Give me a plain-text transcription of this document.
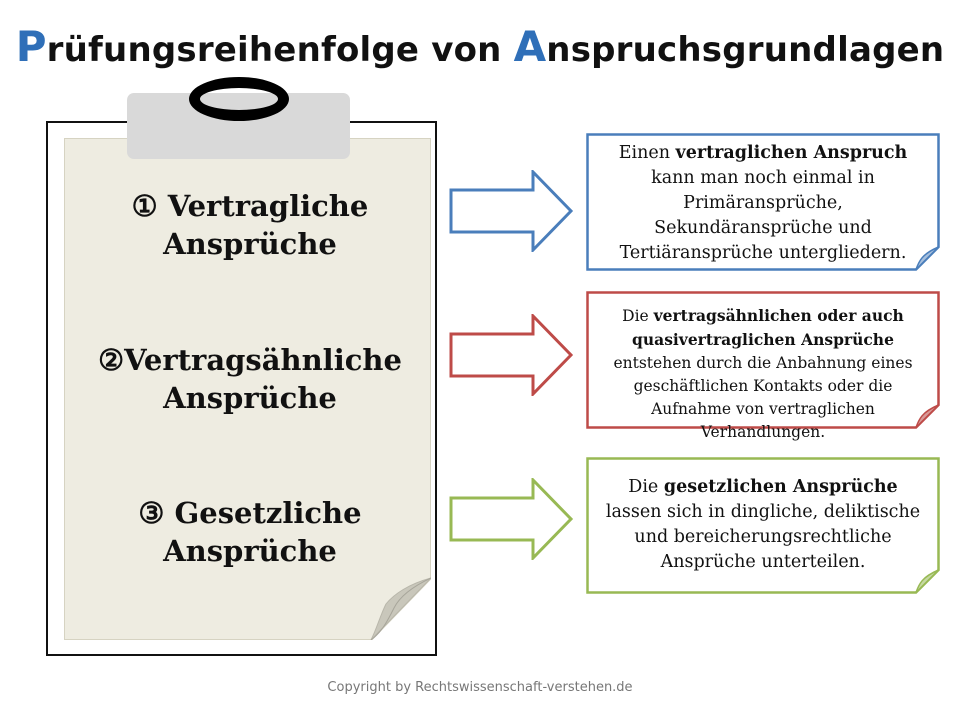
Prüfungsreihenfolge von Anspruchsgrundlagen
① Vertragliche
Ansprüche
②Vertragsähnliche
Ansprüche
③ Gesetzliche
Ansprüche
Einen vertraglichen Anspruch kann man noch einmal in Primäransprüche, Sekundäransprüche und Tertiäransprüche untergliedern.
Die vertragsähnlichen oder auch quasivertraglichen Ansprüche entstehen durch die Anbahnung eines geschäftlichen Kontakts oder die Aufnahme von vertraglichen Verhandlungen.
Die gesetzlichen Ansprüche lassen sich in dingliche, deliktische und bereicherungsrechtliche Ansprüche unterteilen.
Copyright by Rechtswissenschaft-verstehen.de
